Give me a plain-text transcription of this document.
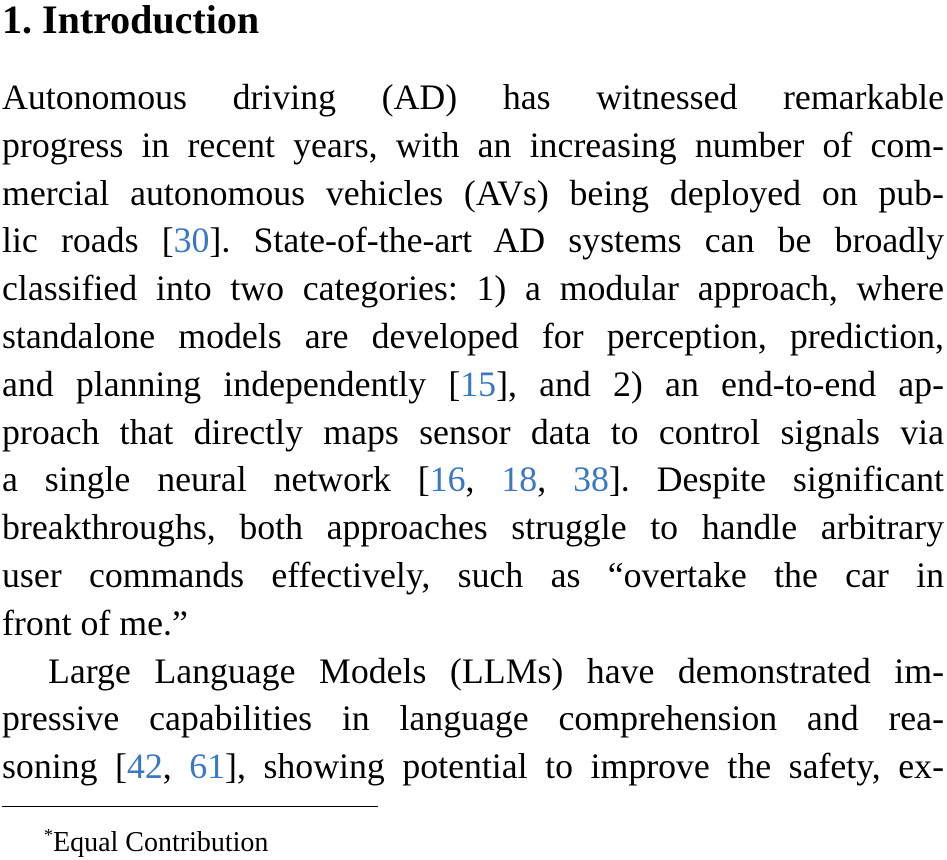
1. Introduction

Autonomous driving (AD) has witnessed remarkable
progress in recent years, with an increasing number of com-
mercial autonomous vehicles (AVs) being deployed on pub-
lic roads [30]. State-of-the-art AD systems can be broadly
classified into two categories: 1) a modular approach, where
standalone models are developed for perception, prediction,
and planning independently [15], and 2) an end-to-end ap-
proach that directly maps sensor data to control signals via
a single neural network [16, 18, 38]. Despite significant
breakthroughs, both approaches struggle to handle arbitrary
user commands effectively, such as “overtake the car in
front of me.”

Large Language Models (LLMs) have demonstrated im-
pressive capabilities in language comprehension and rea-
soning [42, 61], showing potential to improve the safety, ex-

*Equal Contribution
